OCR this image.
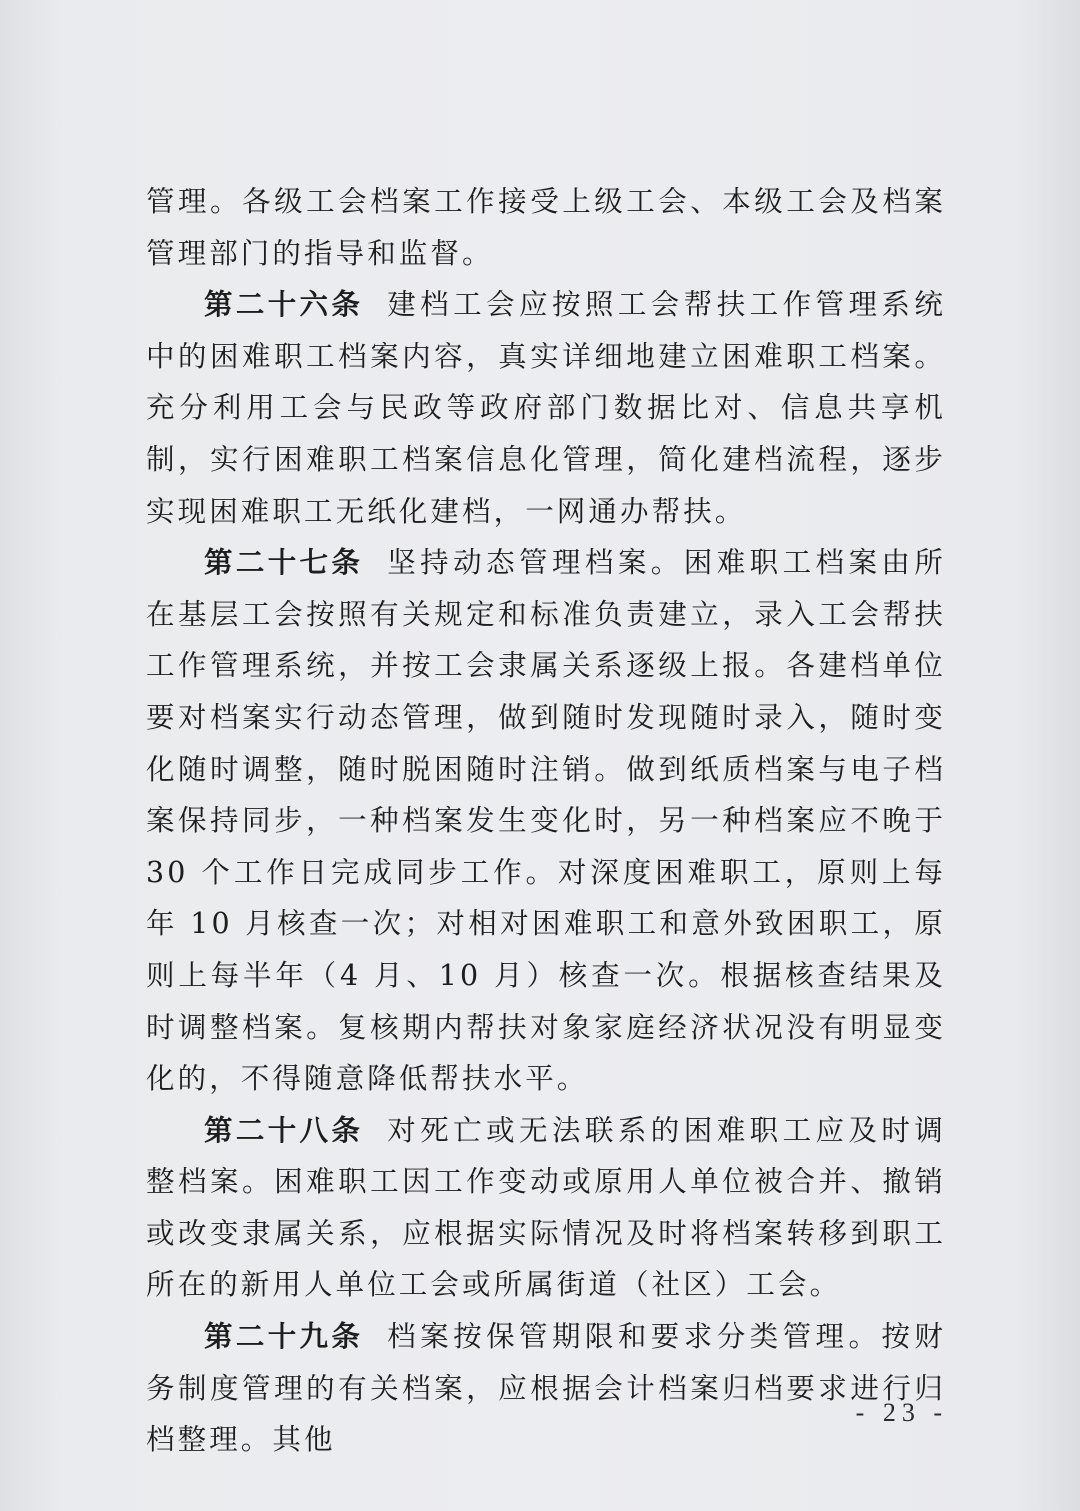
管理。各级工会档案工作接受上级工会、本级工会及档案管理部门的指导和监督。

第二十六条 建档工会应按照工会帮扶工作管理系统中的困难职工档案内容，真实详细地建立困难职工档案。充分利用工会与民政等政府部门数据比对、信息共享机制，实行困难职工档案信息化管理，简化建档流程，逐步实现困难职工无纸化建档，一网通办帮扶。

第二十七条 坚持动态管理档案。困难职工档案由所在基层工会按照有关规定和标准负责建立，录入工会帮扶工作管理系统，并按工会隶属关系逐级上报。各建档单位要对档案实行动态管理，做到随时发现随时录入，随时变化随时调整，随时脱困随时注销。做到纸质档案与电子档案保持同步，一种档案发生变化时，另一种档案应不晚于 30 个工作日完成同步工作。对深度困难职工，原则上每年 10 月核查一次；对相对困难职工和意外致困职工，原则上每半年（4 月、10 月）核查一次。根据核查结果及时调整档案。复核期内帮扶对象家庭经济状况没有明显变化的，不得随意降低帮扶水平。

第二十八条 对死亡或无法联系的困难职工应及时调整档案。困难职工因工作变动或原用人单位被合并、撤销或改变隶属关系，应根据实际情况及时将档案转移到职工所在的新用人单位工会或所属街道（社区）工会。

第二十九条 档案按保管期限和要求分类管理。按财务制度管理的有关档案，应根据会计档案归档要求进行归档整理。其他

- 23 -
